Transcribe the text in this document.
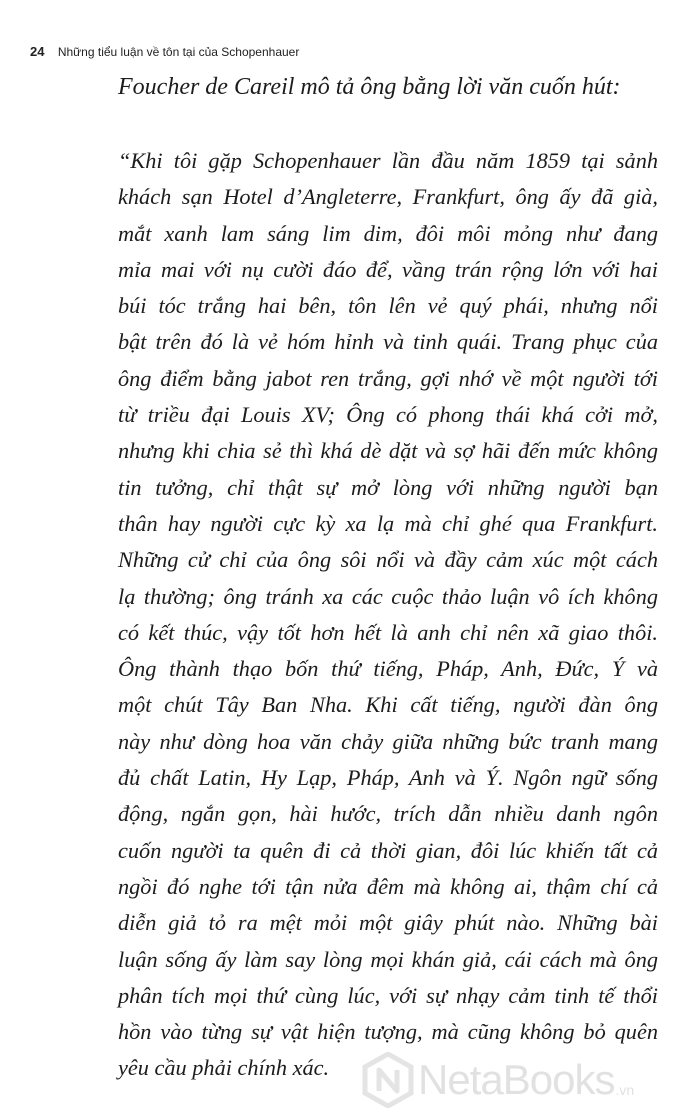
24 Những tiểu luận về tôn tại của Schopenhauer
Foucher de Careil mô tả ông bằng lời văn cuốn hút:
“Khi tôi gặp Schopenhauer lần đầu năm 1859 tại sảnh
khách sạn Hotel d’Angleterre, Frankfurt, ông ấy đã già,
mắt xanh lam sáng lim dim, đôi môi mỏng như đang
mỉa mai với nụ cười đáo để, vầng trán rộng lớn với hai
búi tóc trắng hai bên, tôn lên vẻ quý phái, nhưng nổi
bật trên đó là vẻ hóm hỉnh và tinh quái. Trang phục của
ông điểm bằng jabot ren trắng, gợi nhớ về một người tới
từ triều đại Louis XV; Ông có phong thái khá cởi mở,
nhưng khi chia sẻ thì khá dè dặt và sợ hãi đến mức không
tin tưởng, chỉ thật sự mở lòng với những người bạn
thân hay người cực kỳ xa lạ mà chỉ ghé qua Frankfurt.
Những cử chỉ của ông sôi nổi và đầy cảm xúc một cách
lạ thường; ông tránh xa các cuộc thảo luận vô ích không
có kết thúc, vậy tốt hơn hết là anh chỉ nên xã giao thôi.
Ông thành thạo bốn thứ tiếng, Pháp, Anh, Đức, Ý và
một chút Tây Ban Nha. Khi cất tiếng, người đàn ông
này như dòng hoa văn chảy giữa những bức tranh mang
đủ chất Latin, Hy Lạp, Pháp, Anh và Ý. Ngôn ngữ sống
động, ngắn gọn, hài hước, trích dẫn nhiều danh ngôn
cuốn người ta quên đi cả thời gian, đôi lúc khiến tất cả
ngồi đó nghe tới tận nửa đêm mà không ai, thậm chí cả
diễn giả tỏ ra mệt mỏi một giây phút nào. Những bài
luận sống ấy làm say lòng mọi khán giả, cái cách mà ông
phân tích mọi thứ cùng lúc, với sự nhạy cảm tinh tế thổi
hồn vào từng sự vật hiện tượng, mà cũng không bỏ quên
yêu cầu phải chính xác.	NetaBooks .vn
